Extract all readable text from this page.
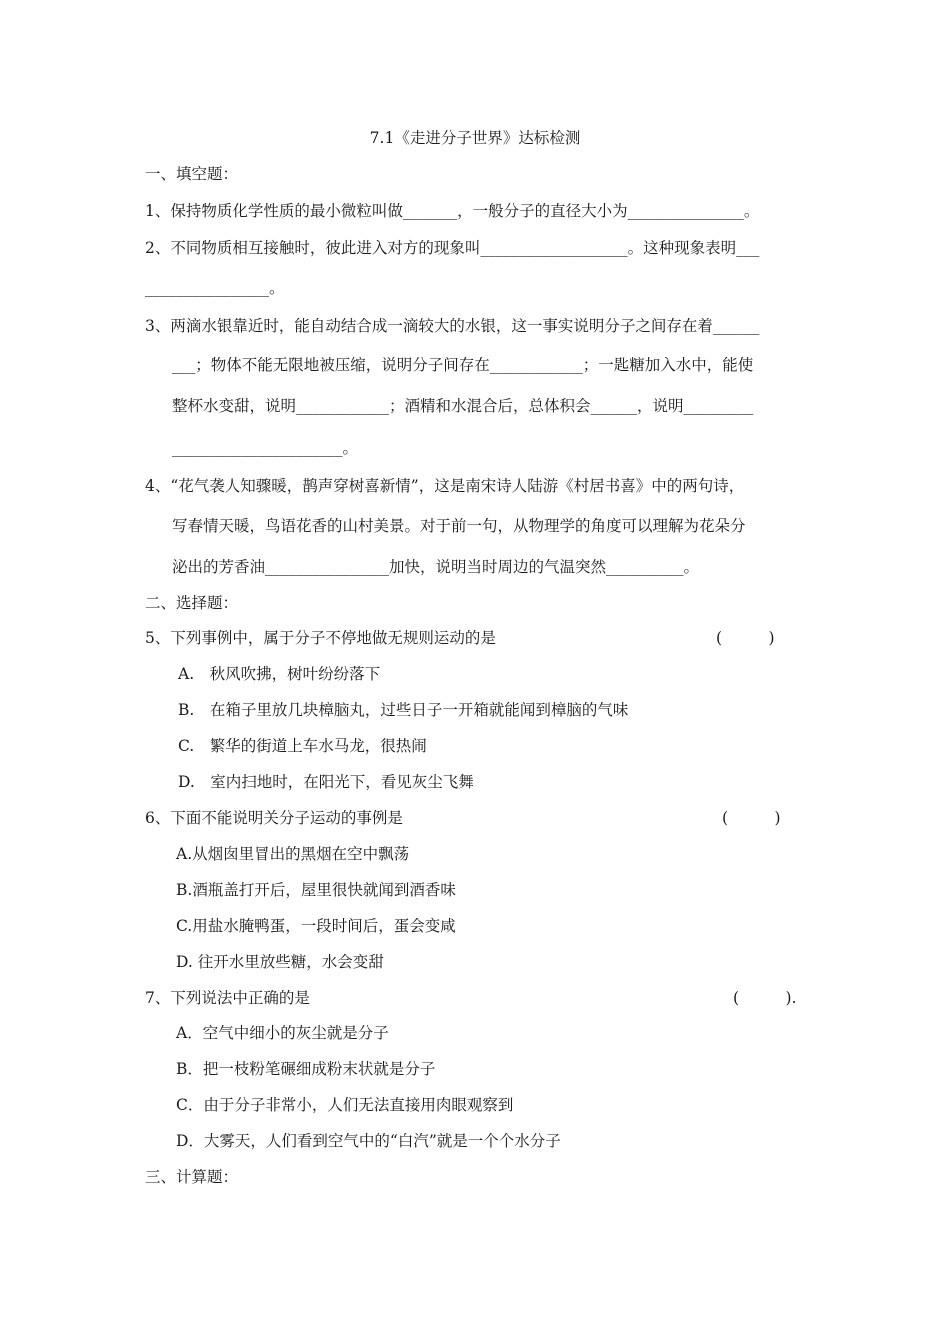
7.1《走进分子世界》达标检测
一、填空题：
1、保持物质化学性质的最小微粒叫做_______，一般分子的直径大小为_______________。
2、不同物质相互接触时，彼此进入对方的现象叫___________________。这种现象表明___
________________。
3、两滴水银靠近时，能自动结合成一滴较大的水银，这一事实说明分子之间存在着______
___；物体不能无限地被压缩，说明分子间存在____________；一匙糖加入水中，能使
整杯水变甜，说明____________；酒精和水混合后，总体积会______，说明_________
______________________。
4、“花气袭人知骤暖，鹊声穿树喜新情”，这是南宋诗人陆游《村居书喜》中的两句诗，
写春情天暖，鸟语花香的山村美景。对于前一句，从物理学的角度可以理解为花朵分
泌出的芳香油________________加快，说明当时周边的气温突然__________。
二、选择题：
5、下列事例中，属于分子不停地做无规则运动的是	(　　　)
A.　秋风吹拂，树叶纷纷落下
B.　在箱子里放几块樟脑丸，过些日子一开箱就能闻到樟脑的气味
C.　繁华的街道上车水马龙，很热闹
D.　室内扫地时，在阳光下，看见灰尘飞舞
6、下面不能说明关分子运动的事例是	(　　　)
A.从烟囱里冒出的黑烟在空中飘荡
B.酒瓶盖打开后，屋里很快就闻到酒香味
C.用盐水腌鸭蛋，一段时间后，蛋会变咸
D. 往开水里放些糖，水会变甜
7、下列说法中正确的是	(　　　).
A．空气中细小的灰尘就是分子
B．把一枝粉笔碾细成粉末状就是分子
C．由于分子非常小，人们无法直接用肉眼观察到
D．大雾天，人们看到空气中的“白汽”就是一个个水分子
三、计算题：
